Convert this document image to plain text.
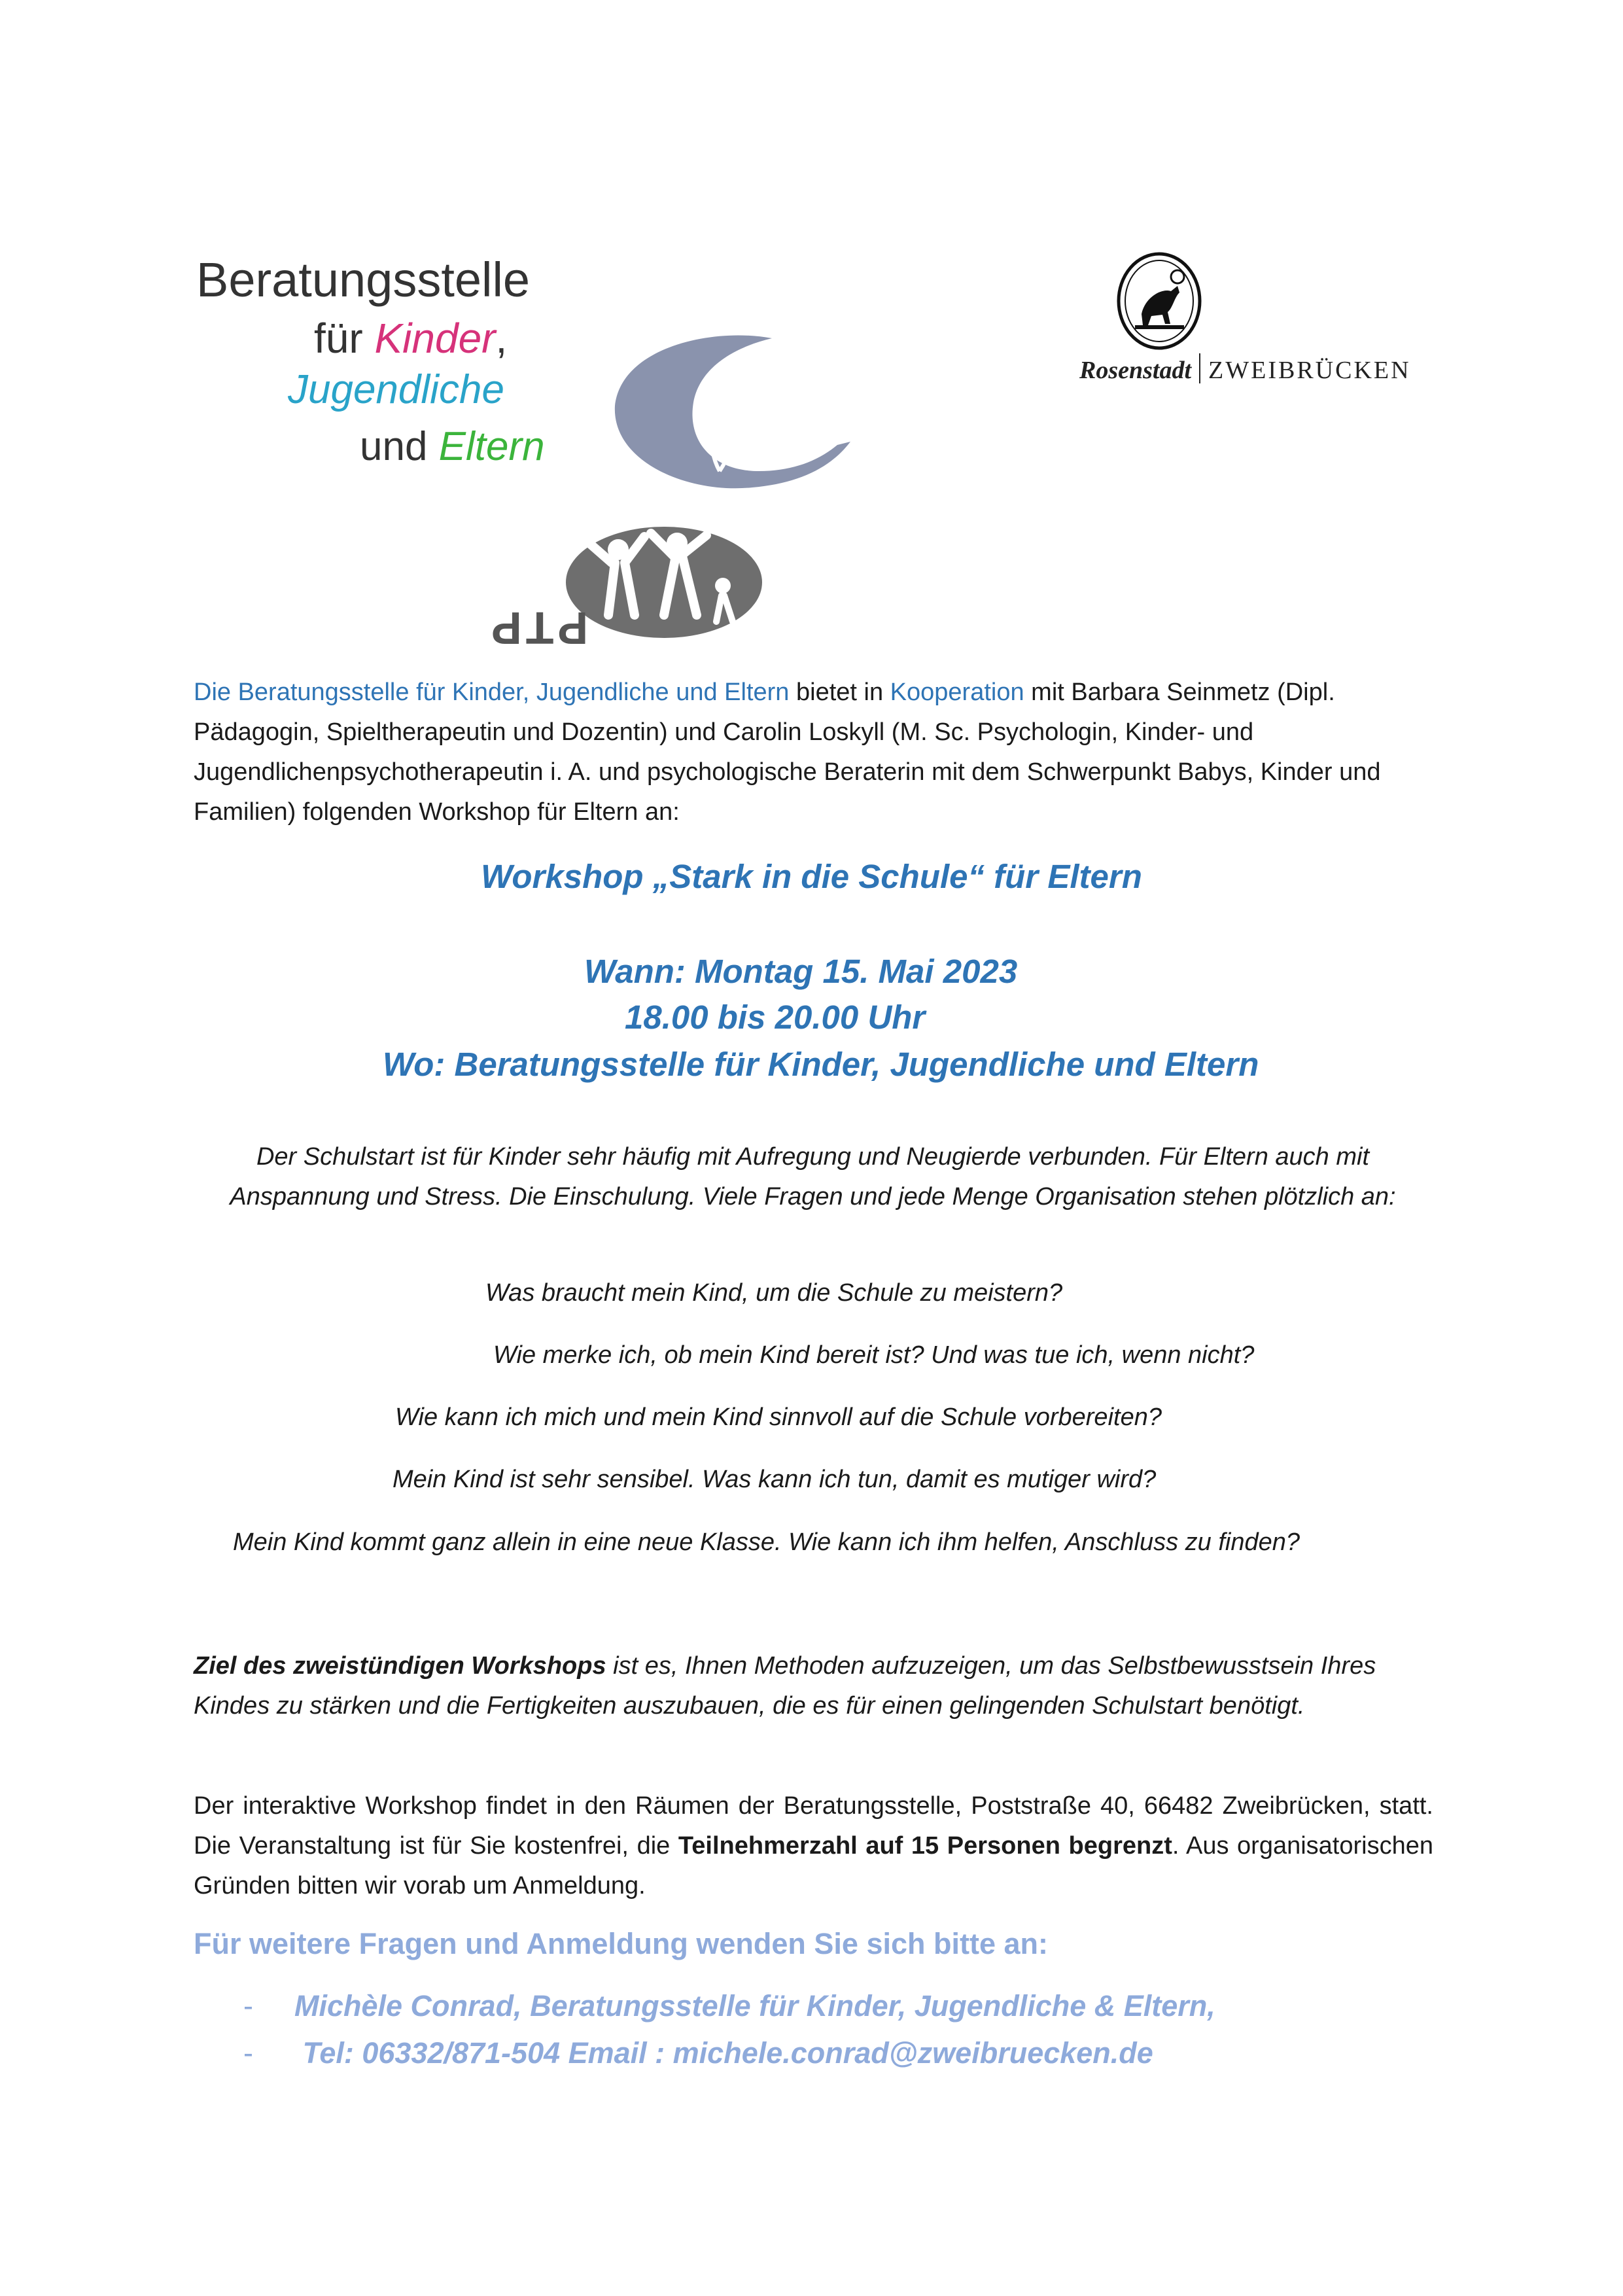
Beratungsstelle
für Kinder,
Jugendliche
und Eltern
PTP
Rosenstadt ZWEIBRÜCKEN
Die Beratungsstelle für Kinder, Jugendliche und Eltern bietet in Kooperation mit Barbara Seinmetz (Dipl. Pädagogin, Spieltherapeutin und Dozentin) und Carolin Loskyll (M. Sc. Psychologin, Kinder- und Jugendlichenpsychotherapeutin i. A. und psychologische Beraterin mit dem Schwerpunkt Babys, Kinder und Familien) folgenden Workshop für Eltern an:
Workshop „Stark in die Schule“ für Eltern
Wann: Montag 15. Mai 2023
18.00 bis 20.00 Uhr
Wo: Beratungsstelle für Kinder, Jugendliche und Eltern
Der Schulstart ist für Kinder sehr häufig mit Aufregung und Neugierde verbunden. Für Eltern auch mit Anspannung und Stress. Die Einschulung. Viele Fragen und jede Menge Organisation stehen plötzlich an:
Was braucht mein Kind, um die Schule zu meistern?
Wie merke ich, ob mein Kind bereit ist? Und was tue ich, wenn nicht?
Wie kann ich mich und mein Kind sinnvoll auf die Schule vorbereiten?
Mein Kind ist sehr sensibel. Was kann ich tun, damit es mutiger wird?
Mein Kind kommt ganz allein in eine neue Klasse. Wie kann ich ihm helfen, Anschluss zu finden?
Ziel des zweistündigen Workshops ist es, Ihnen Methoden aufzuzeigen, um das Selbstbewusstsein Ihres Kindes zu stärken und die Fertigkeiten auszubauen, die es für einen gelingenden Schulstart benötigt.
Der interaktive Workshop findet in den Räumen der Beratungsstelle, Poststraße 40, 66482 Zweibrücken, statt. Die Veranstaltung ist für Sie kostenfrei, die Teilnehmerzahl auf 15 Personen begrenzt. Aus organisatorischen Gründen bitten wir vorab um Anmeldung.
Für weitere Fragen und Anmeldung wenden Sie sich bitte an:
- Michèle Conrad, Beratungsstelle für Kinder, Jugendliche & Eltern,
- Tel: 06332/871-504 Email : michele.conrad@zweibruecken.de
